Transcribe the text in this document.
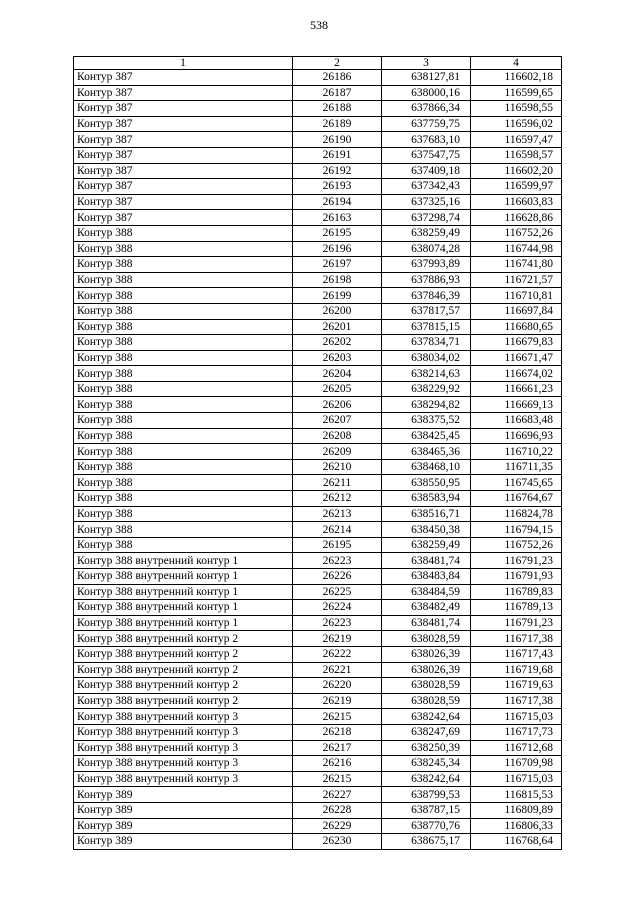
538
1	2	3	4
Контур 387	26186	638127,81	116602,18
Контур 387	26187	638000,16	116599,65
Контур 387	26188	637866,34	116598,55
Контур 387	26189	637759,75	116596,02
Контур 387	26190	637683,10	116597,47
Контур 387	26191	637547,75	116598,57
Контур 387	26192	637409,18	116602,20
Контур 387	26193	637342,43	116599,97
Контур 387	26194	637325,16	116603,83
Контур 387	26163	637298,74	116628,86
Контур 388	26195	638259,49	116752,26
Контур 388	26196	638074,28	116744,98
Контур 388	26197	637993,89	116741,80
Контур 388	26198	637886,93	116721,57
Контур 388	26199	637846,39	116710,81
Контур 388	26200	637817,57	116697,84
Контур 388	26201	637815,15	116680,65
Контур 388	26202	637834,71	116679,83
Контур 388	26203	638034,02	116671,47
Контур 388	26204	638214,63	116674,02
Контур 388	26205	638229,92	116661,23
Контур 388	26206	638294,82	116669,13
Контур 388	26207	638375,52	116683,48
Контур 388	26208	638425,45	116696,93
Контур 388	26209	638465,36	116710,22
Контур 388	26210	638468,10	116711,35
Контур 388	26211	638550,95	116745,65
Контур 388	26212	638583,94	116764,67
Контур 388	26213	638516,71	116824,78
Контур 388	26214	638450,38	116794,15
Контур 388	26195	638259,49	116752,26
Контур 388 внутренний контур 1	26223	638481,74	116791,23
Контур 388 внутренний контур 1	26226	638483,84	116791,93
Контур 388 внутренний контур 1	26225	638484,59	116789,83
Контур 388 внутренний контур 1	26224	638482,49	116789,13
Контур 388 внутренний контур 1	26223	638481,74	116791,23
Контур 388 внутренний контур 2	26219	638028,59	116717,38
Контур 388 внутренний контур 2	26222	638026,39	116717,43
Контур 388 внутренний контур 2	26221	638026,39	116719,68
Контур 388 внутренний контур 2	26220	638028,59	116719,63
Контур 388 внутренний контур 2	26219	638028,59	116717,38
Контур 388 внутренний контур 3	26215	638242,64	116715,03
Контур 388 внутренний контур 3	26218	638247,69	116717,73
Контур 388 внутренний контур 3	26217	638250,39	116712,68
Контур 388 внутренний контур 3	26216	638245,34	116709,98
Контур 388 внутренний контур 3	26215	638242,64	116715,03
Контур 389	26227	638799,53	116815,53
Контур 389	26228	638787,15	116809,89
Контур 389	26229	638770,76	116806,33
Контур 389	26230	638675,17	116768,64
